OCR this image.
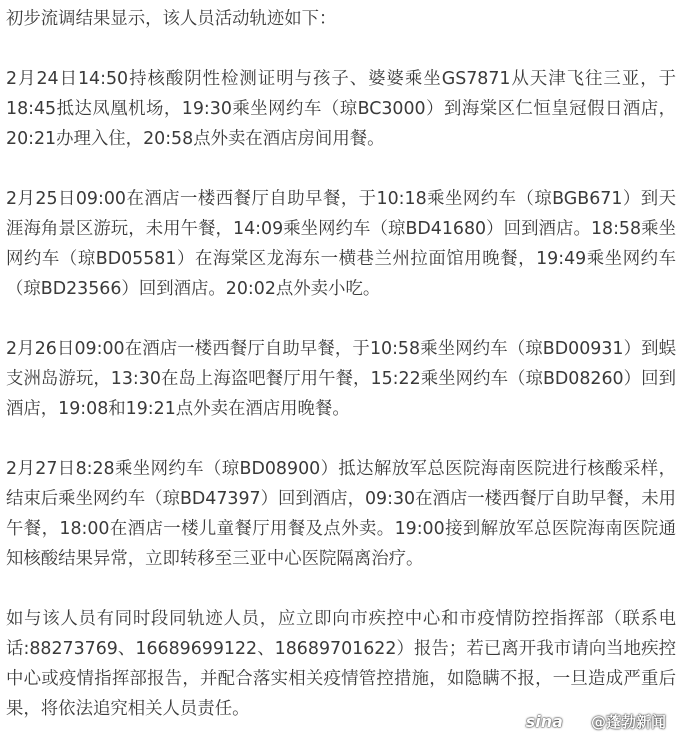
初步流调结果显示，该人员活动轨迹如下：

2月24日14:50持核酸阴性检测证明与孩子、婆婆乘坐GS7871从天津飞往三亚，于18:45抵达凤凰机场，19:30乘坐网约车（琼BC3000）到海棠区仁恒皇冠假日酒店，20:21办理入住，20:58点外卖在酒店房间用餐。

2月25日09:00在酒店一楼西餐厅自助早餐，于10:18乘坐网约车（琼BGB671）到天涯海角景区游玩，未用午餐，14:09乘坐网约车（琼BD41680）回到酒店。18:58乘坐网约车（琼BD05581）在海棠区龙海东一横巷兰州拉面馆用晚餐，19:49乘坐网约车（琼BD23566）回到酒店。20:02点外卖小吃。

2月26日09:00在酒店一楼西餐厅自助早餐，于10:58乘坐网约车（琼BD00931）到蜈支洲岛游玩，13:30在岛上海盗吧餐厅用午餐，15:22乘坐网约车（琼BD08260）回到酒店，19:08和19:21点外卖在酒店用晚餐。

2月27日8:28乘坐网约车（琼BD08900）抵达解放军总医院海南医院进行核酸采样，结束后乘坐网约车（琼BD47397）回到酒店，09:30在酒店一楼西餐厅自助早餐，未用午餐，18:00在酒店一楼儿童餐厅用餐及点外卖。19:00接到解放军总医院海南医院通知核酸结果异常，立即转移至三亚中心医院隔离治疗。

如与该人员有同时段同轨迹人员，应立即向市疾控中心和市疫情防控指挥部（联系电话:88273769、16689699122、18689701622）报告；若已离开我市请向当地疾控中心或疫情指挥部报告，并配合落实相关疫情管控措施，如隐瞒不报，一旦造成严重后果，将依法追究相关人员责任。

sina @蓬勃新闻
